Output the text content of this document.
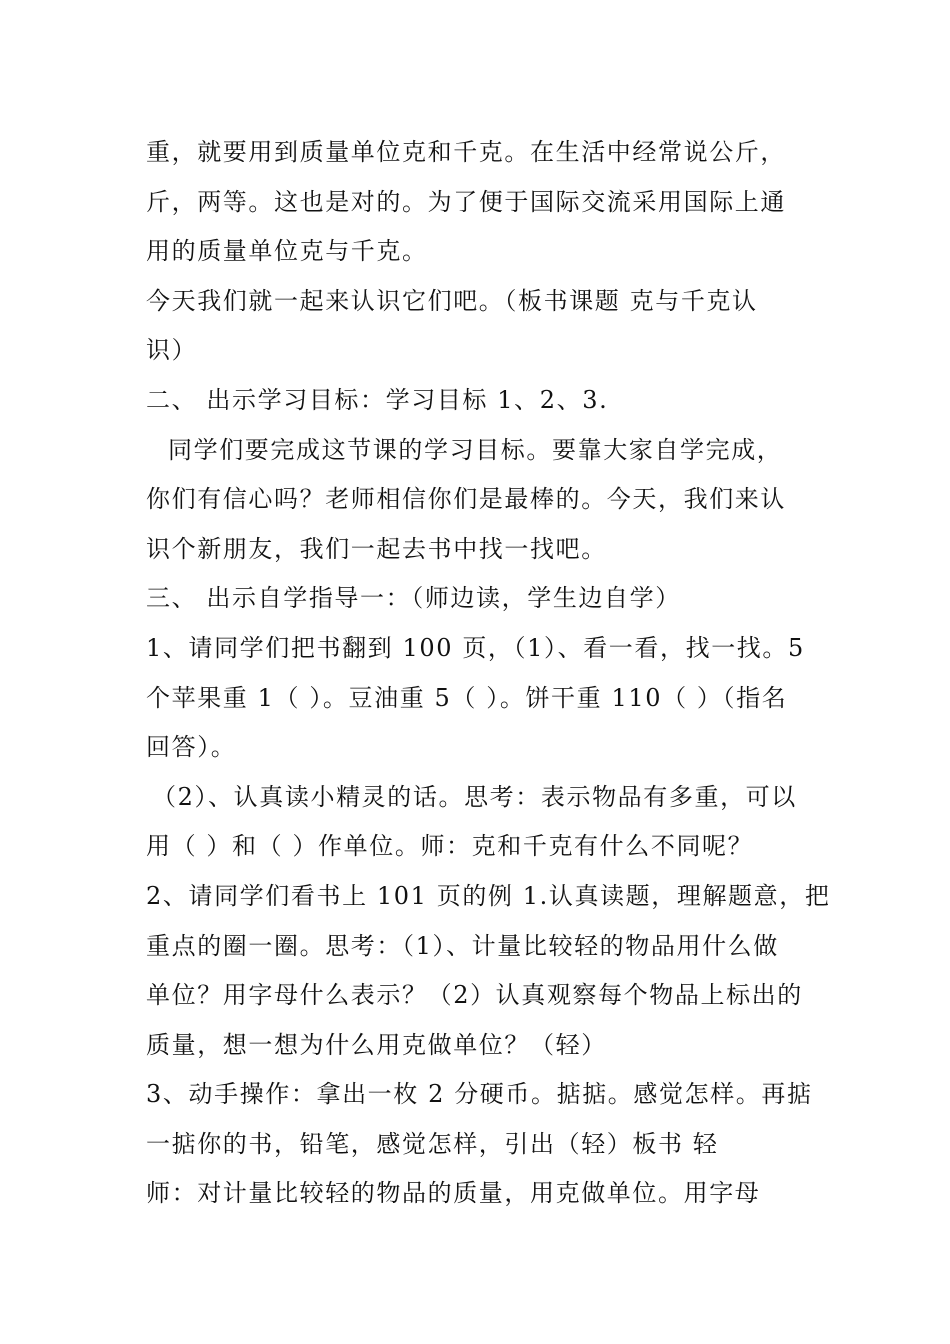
重，就要用到质量单位克和千克。在生活中经常说公斤，
斤，两等。这也是对的。为了便于国际交流采用国际上通
用的质量单位克与千克。
今天我们就一起来认识它们吧。（板书课题 克与千克认
识）
二、 出示学习目标：学习目标 1、2、3.
同学们要完成这节课的学习目标。要靠大家自学完成，
你们有信心吗？老师相信你们是最棒的。今天，我们来认
识个新朋友，我们一起去书中找一找吧。
三、 出示自学指导一：（师边读，学生边自学）
1、请同学们把书翻到 100 页，（1）、看一看，找一找。5
个苹果重 1（ ）。豆油重 5（ ）。饼干重 110（ ）（指名
回答）。
（2）、认真读小精灵的话。思考：表示物品有多重，可以
用（ ）和（ ）作单位。师：克和千克有什么不同呢？
2、请同学们看书上 101 页的例 1.认真读题，理解题意，把
重点的圈一圈。思考：（1）、计量比较轻的物品用什么做
单位？用字母什么表示？（2）认真观察每个物品上标出的
质量，想一想为什么用克做单位？（轻）
3、动手操作：拿出一枚 2 分硬币。掂掂。感觉怎样。再掂
一掂你的书，铅笔，感觉怎样，引出（轻）板书 轻
师：对计量比较轻的物品的质量，用克做单位。用字母
